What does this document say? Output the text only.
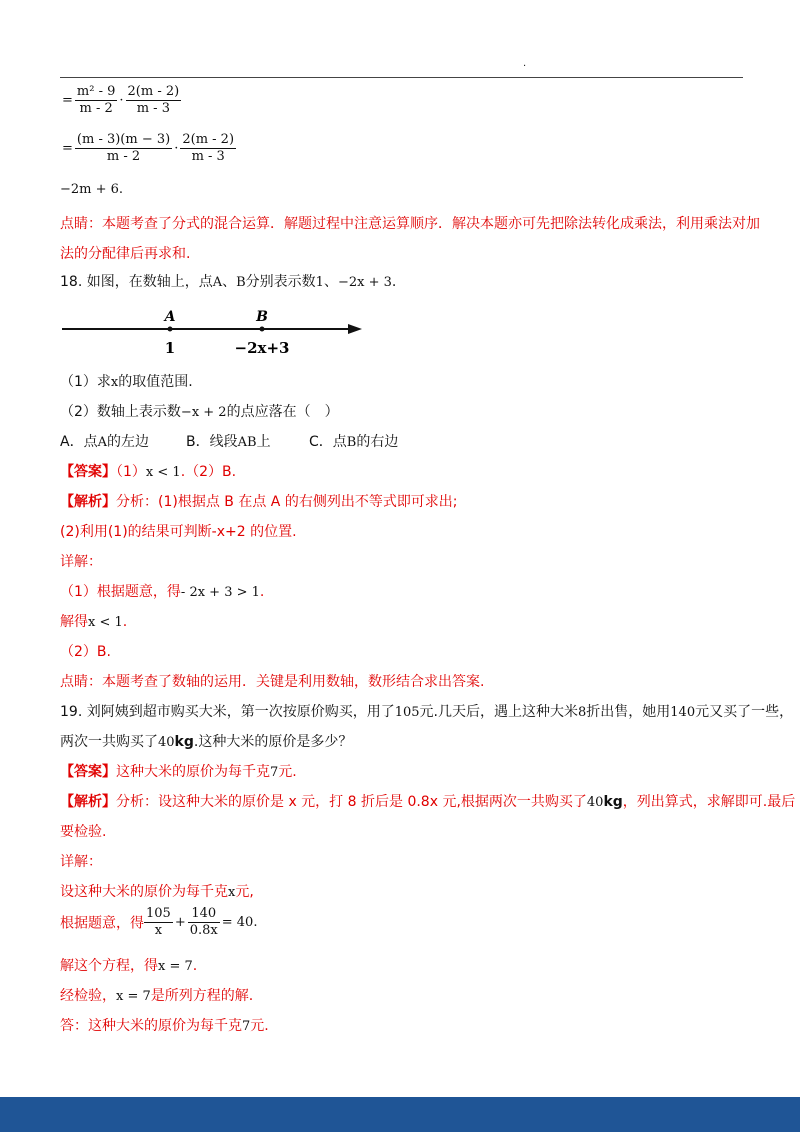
.
= $\frac{\text{m² - 9}}{m - 2} \cdot \frac{2(m - 2)}{m - 3}$
= $\frac{(m - 3)(m - 3)}{m - 2} \cdot \frac{2(m - 2)}{m - 3}$
−2m + 6.
点睛：本题考查了分式的混合运算．解题过程中注意运算顺序．解决本题亦可先把除法转化成乘法，利用乘法对加
法的分配律后再求和.
18. 如图，在数轴上，点A、B分别表示数1、−2x + 3.
A	B
1	−2x+3
（1）求x的取值范围.
（2）数轴上表示数−x + 2的点应落在（　）
A．点A的左边	B．线段AB上	C．点B的右边
【答案】（1）x < 1.（2）B.
【解析】分析：(1)根据点 B 在点 A 的右侧列出不等式即可求出;
(2)利用(1)的结果可判断-x+2 的位置.
详解：
（1）根据题意，得- 2x + 3 > 1.
解得x < 1.
（2）B.
点睛：本题考查了数轴的运用．关键是利用数轴，数形结合求出答案.
19. 刘阿姨到超市购买大米，第一次按原价购买，用了105元.几天后，遇上这种大米8折出售，她用140元又买了一些，
两次一共购买了40kg.这种大米的原价是多少？
【答案】这种大米的原价为每千克7元.
【解析】分析：设这种大米的原价是 x 元，打 8 折后是 0.8x 元,根据两次一共购买了40kg，列出算式，求解即可.最后
要检验.
详解：
设这种大米的原价为每千克x元,
根据题意，得 $\frac{105}{x} + \frac{140}{0.8x} = 40$.
解这个方程，得x = 7.
经检验，x = 7是所列方程的解.
答：这种大米的原价为每千克7元.
